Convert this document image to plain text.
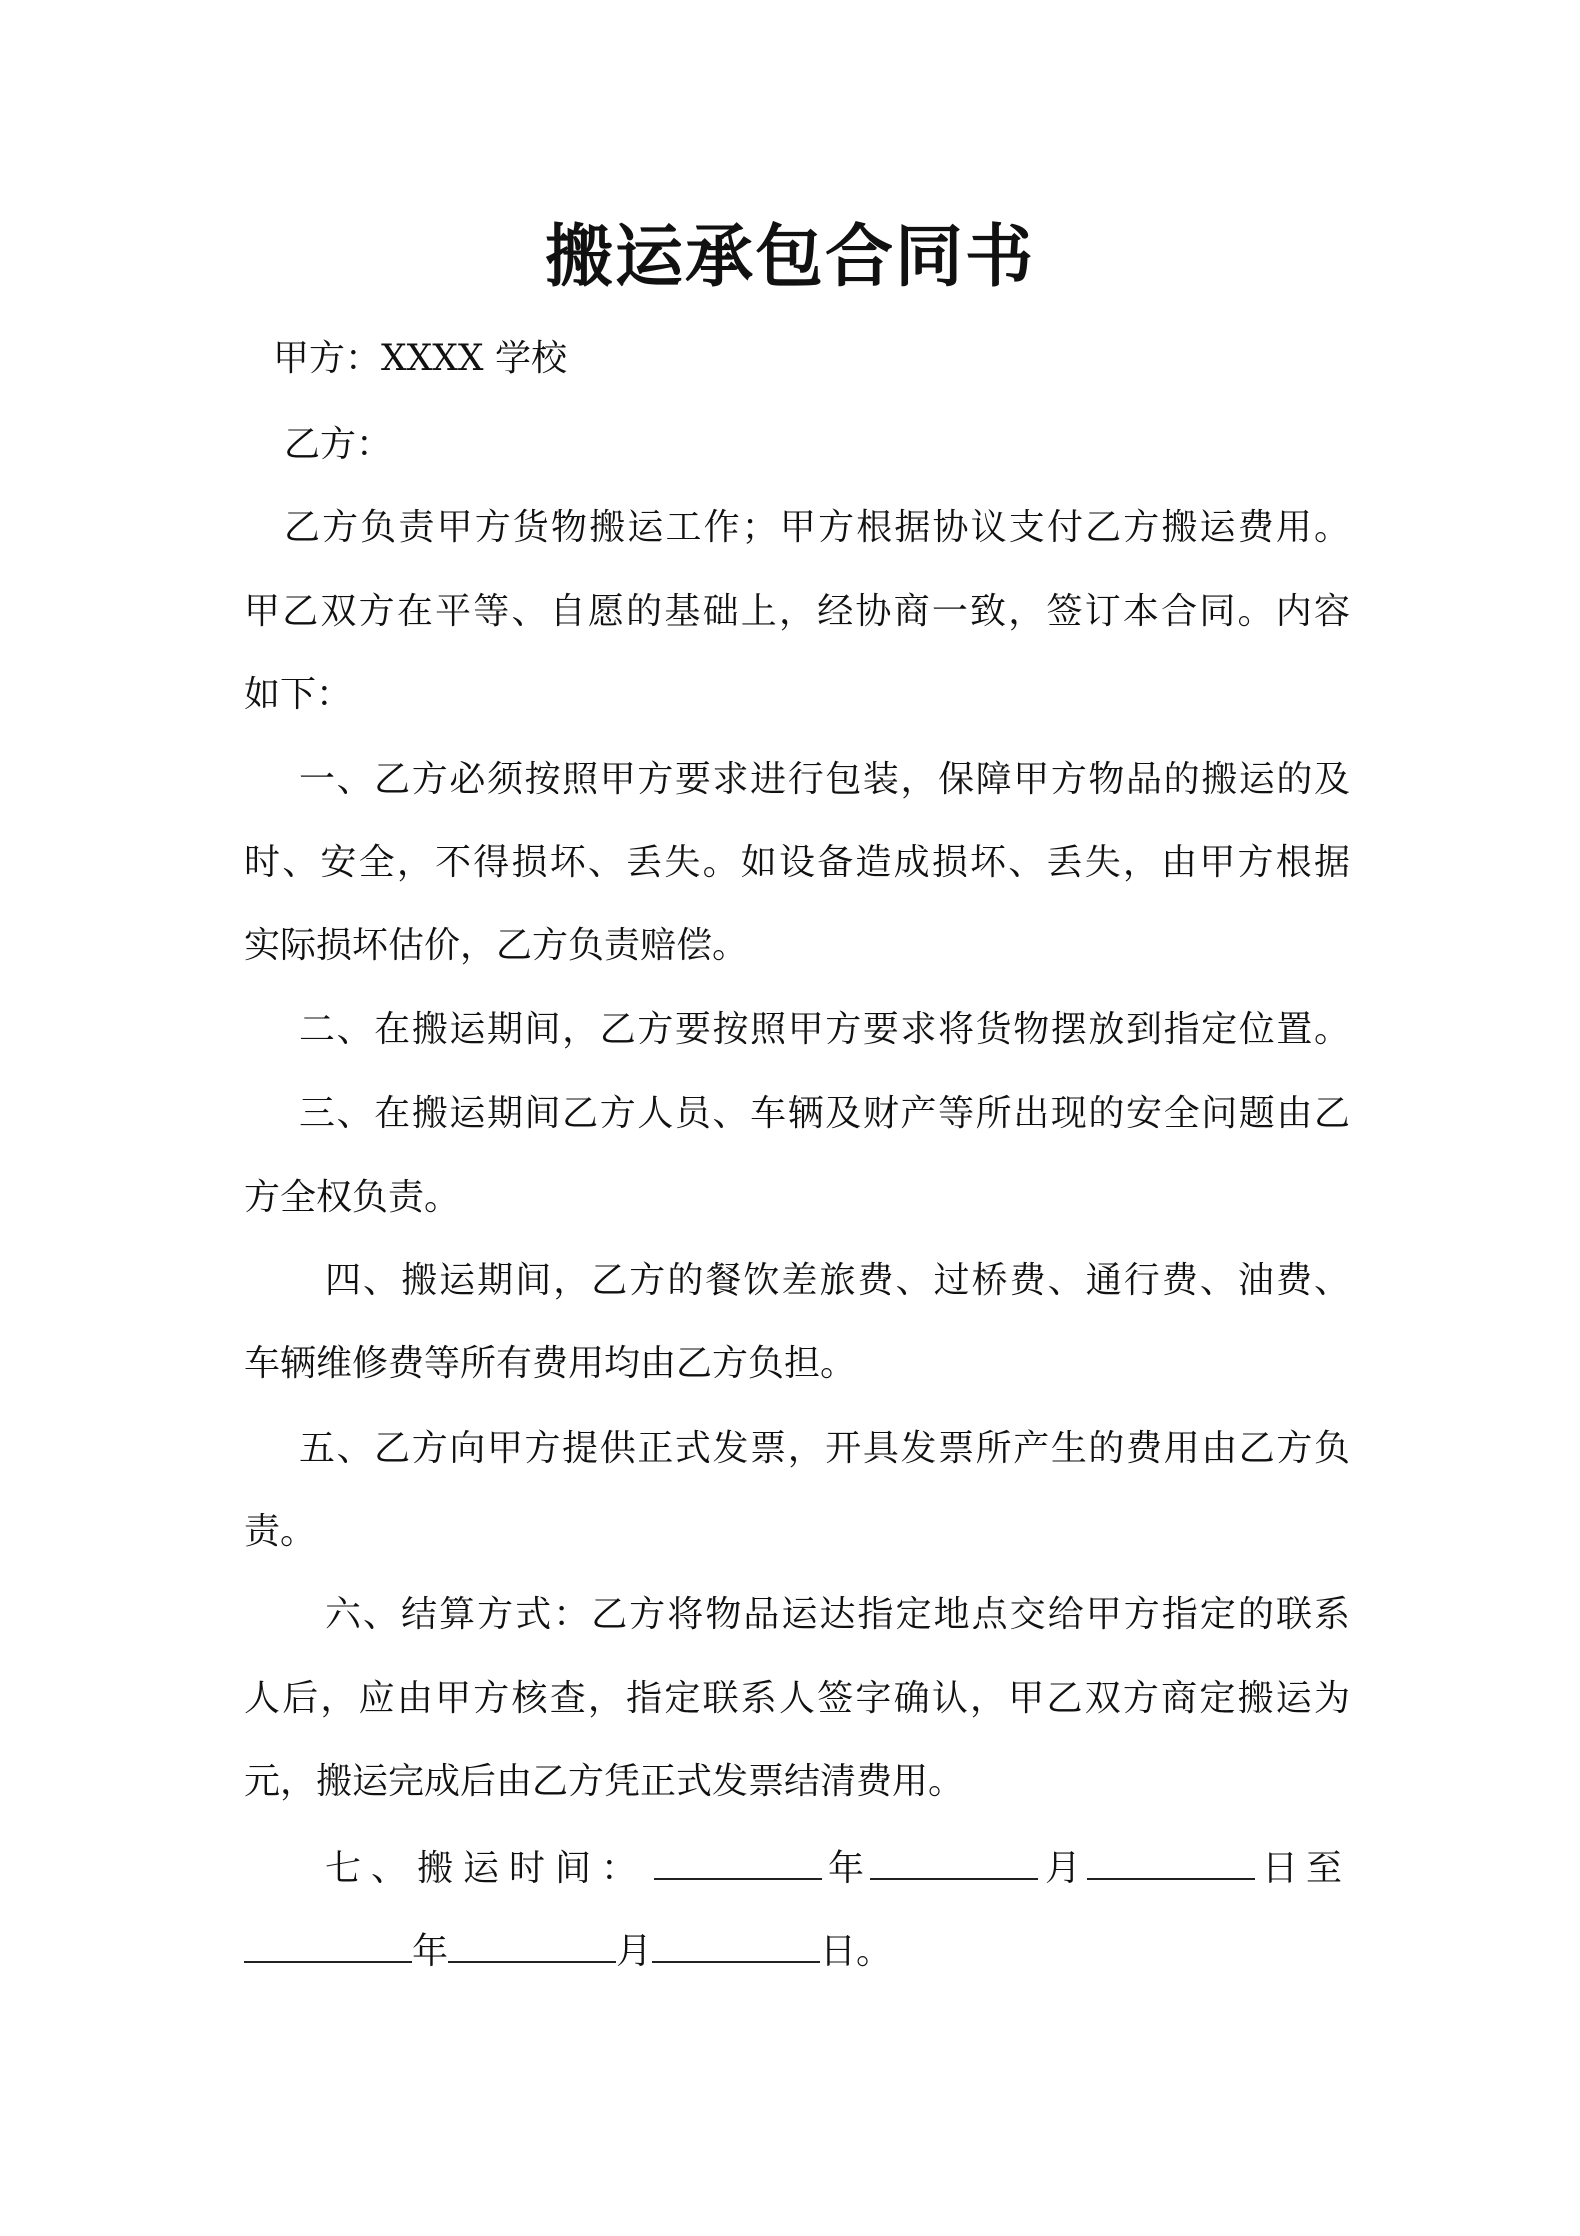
搬运承包合同书
甲方：XXXX 学校
乙方：
乙方负责甲方货物搬运工作；甲方根据协议支付乙方搬运费用。
甲乙双方在平等、自愿的基础上，经协商一致，签订本合同。内容
如下：
一、乙方必须按照甲方要求进行包装，保障甲方物品的搬运的及
时、安全，不得损坏、丢失。如设备造成损坏、丢失，由甲方根据
实际损坏估价，乙方负责赔偿。
二、在搬运期间，乙方要按照甲方要求将货物摆放到指定位置。
三、在搬运期间乙方人员、车辆及财产等所出现的安全问题由乙
方全权负责。
四、搬运期间，乙方的餐饮差旅费、过桥费、通行费、油费、
车辆维修费等所有费用均由乙方负担。
五、乙方向甲方提供正式发票，开具发票所产生的费用由乙方负
责。
六、结算方式：乙方将物品运达指定地点交给甲方指定的联系
人后，应由甲方核查，指定联系人签字确认，甲乙双方商定搬运为
元，搬运完成后由乙方凭正式发票结清费用。
七、搬运时间：	年	月	日至
年	月	日。
